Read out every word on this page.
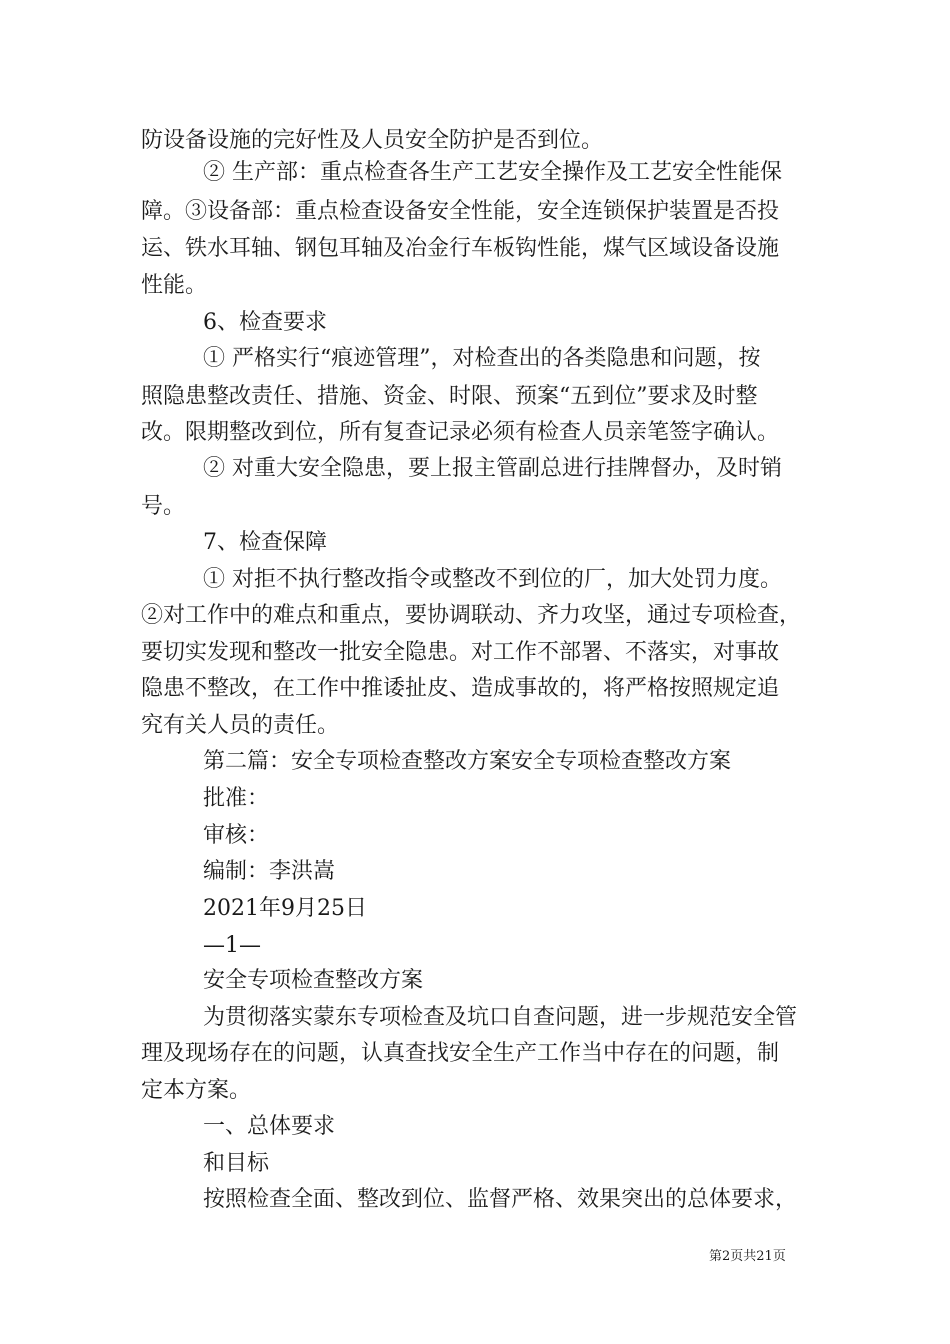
防设备设施的完好性及人员安全防护是否到位。
② 生产部：重点检查各生产工艺安全操作及工艺安全性能保
障。③设备部：重点检查设备安全性能，安全连锁保护装置是否投
运、铁水耳轴、钢包耳轴及冶金行车板钩性能，煤气区域设备设施
性能。
6、检查要求
① 严格实行“痕迹管理”，对检查出的各类隐患和问题，按
照隐患整改责任、措施、资金、时限、预案“五到位”要求及时整
改。限期整改到位，所有复查记录必须有检查人员亲笔签字确认。
② 对重大安全隐患，要上报主管副总进行挂牌督办，及时销
号。
7、检查保障
① 对拒不执行整改指令或整改不到位的厂，加大处罚力度。
②对工作中的难点和重点，要协调联动、齐力攻坚，通过专项检查，
要切实发现和整改一批安全隐患。对工作不部署、不落实，对事故
隐患不整改，在工作中推诿扯皮、造成事故的，将严格按照规定追
究有关人员的责任。
第二篇：安全专项检查整改方案安全专项检查整改方案
批准：
审核：
编制：李洪嵩
2021年9月25日
—1—
安全专项检查整改方案
为贯彻落实蒙东专项检查及坑口自查问题，进一步规范安全管
理及现场存在的问题，认真查找安全生产工作当中存在的问题，制
定本方案。
一、总体要求
和目标
按照检查全面、整改到位、监督严格、效果突出的总体要求，
第2页共21页
